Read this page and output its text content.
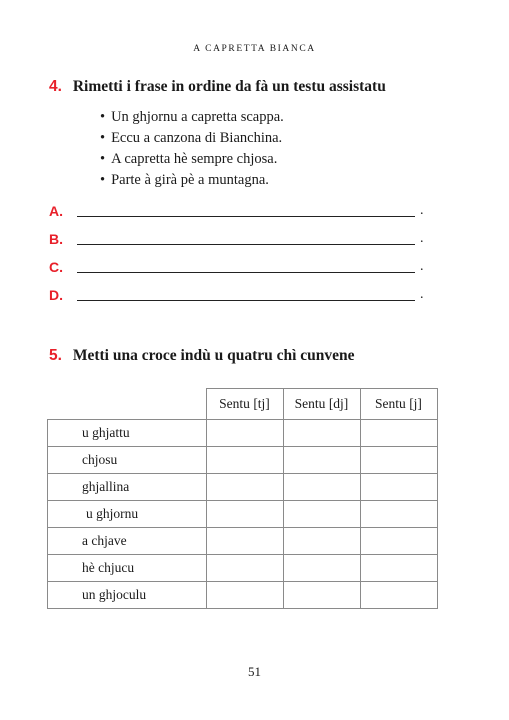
A CAPRETTA BIANCA
4. Rimetti i frase in ordine da fà un testu assistatu
• Un ghjornu a capretta scappa.
• Eccu a canzona di Bianchina.
• A capretta hè sempre chjosa.
• Parte à girà pè a muntagna.
A.	.
B.	.
C.	.
D.	.
5. Metti una croce indù u quatru chì cunvene
	Sentu [tj]	Sentu [dj]	Sentu [j]
u ghjattu			
chjosu			
ghjallina			
u ghjornu			
a chjave			
hè chjucu			
un ghjoculu			
51
